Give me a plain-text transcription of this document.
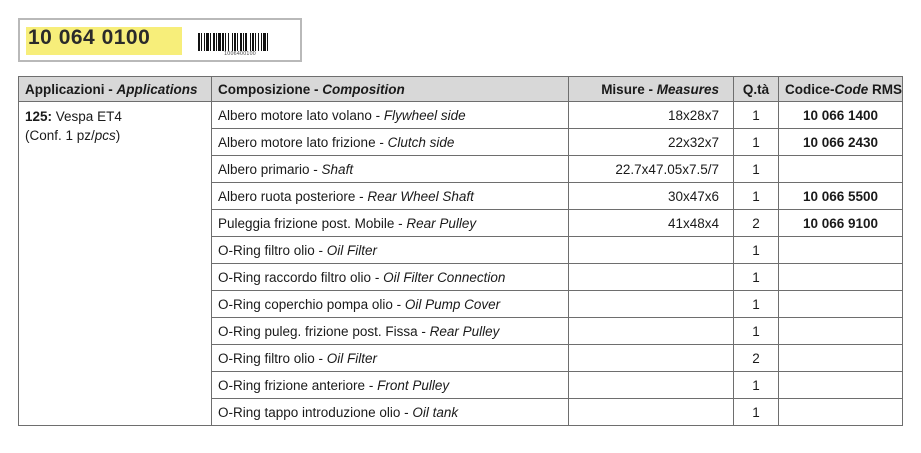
10 064 0100
1006400100
Applicazioni - Applications	Composizione - Composition	Misure - Measures	Q.tà	Codice-Code RMS
125: Vespa ET4
(Conf. 1 pz/pcs)	Albero motore lato volano - Flywheel side	18x28x7	1	10 066 1400
	Albero motore lato frizione - Clutch side	22x32x7	1	10 066 2430
	Albero primario - Shaft	22.7x47.05x7.5/7	1	
	Albero ruota posteriore - Rear Wheel Shaft	30x47x6	1	10 066 5500
	Puleggia frizione post. Mobile - Rear Pulley	41x48x4	2	10 066 9100
	O-Ring filtro olio - Oil Filter		1	
	O-Ring raccordo filtro olio - Oil Filter Connection		1	
	O-Ring coperchio pompa olio - Oil Pump Cover		1	
	O-Ring puleg. frizione post. Fissa - Rear Pulley		1	
	O-Ring filtro olio - Oil Filter		2	
	O-Ring frizione anteriore - Front Pulley		1	
	O-Ring tappo introduzione olio - Oil tank		1	
